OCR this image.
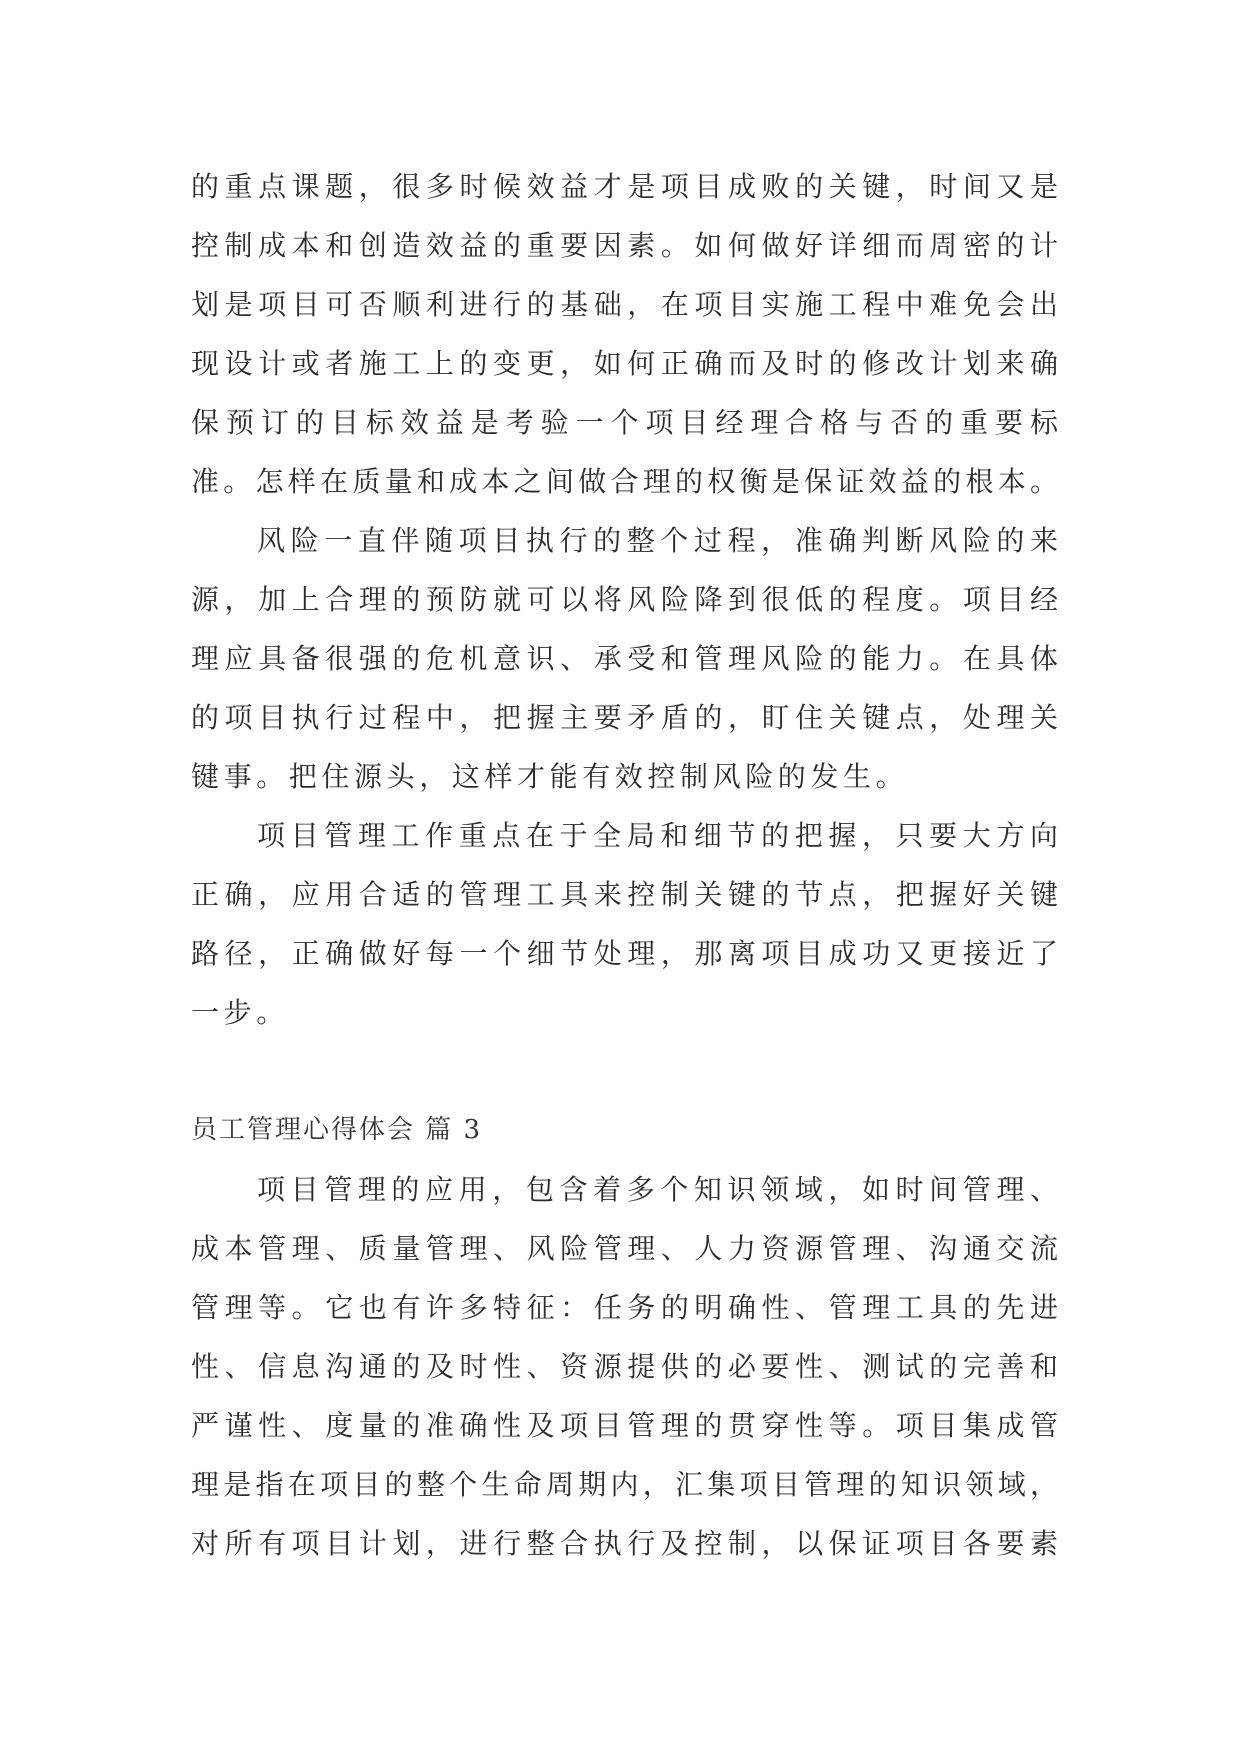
的重点课题，很多时候效益才是项目成败的关键，时间又是
控制成本和创造效益的重要因素。如何做好详细而周密的计
划是项目可否顺利进行的基础，在项目实施工程中难免会出
现设计或者施工上的变更，如何正确而及时的修改计划来确
保预订的目标效益是考验一个项目经理合格与否的重要标
准。怎样在质量和成本之间做合理的权衡是保证效益的根本。
风险一直伴随项目执行的整个过程，准确判断风险的来
源，加上合理的预防就可以将风险降到很低的程度。项目经
理应具备很强的危机意识、承受和管理风险的能力。在具体
的项目执行过程中，把握主要矛盾的，盯住关键点，处理关
键事。把住源头，这样才能有效控制风险的发生。
项目管理工作重点在于全局和细节的把握，只要大方向
正确，应用合适的管理工具来控制关键的节点，把握好关键
路径，正确做好每一个细节处理，那离项目成功又更接近了
一步。
员工管理心得体会 篇 3
项目管理的应用，包含着多个知识领域，如时间管理、
成本管理、质量管理、风险管理、人力资源管理、沟通交流
管理等。它也有许多特征：任务的明确性、管理工具的先进
性、信息沟通的及时性、资源提供的必要性、测试的完善和
严谨性、度量的准确性及项目管理的贯穿性等。项目集成管
理是指在项目的整个生命周期内，汇集项目管理的知识领域，
对所有项目计划，进行整合执行及控制，以保证项目各要素
